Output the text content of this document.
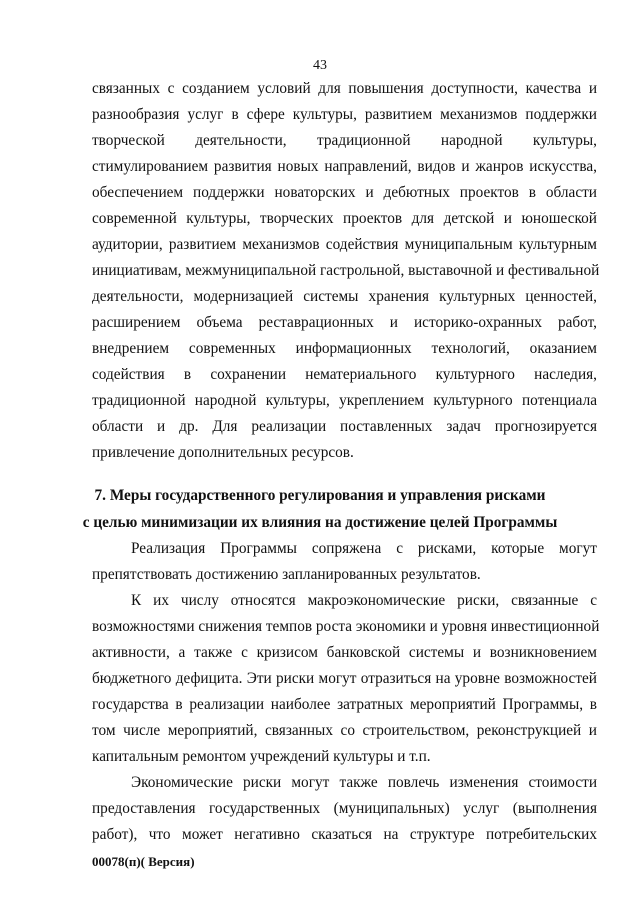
43
связанных с созданием условий для повышения доступности, качества и
разнообразия услуг в сфере культуры, развитием механизмов поддержки
творческой деятельности, традиционной народной культуры,
стимулированием развития новых направлений, видов и жанров искусства,
обеспечением поддержки новаторских и дебютных проектов в области
современной культуры, творческих проектов для детской и юношеской
аудитории, развитием механизмов содействия муниципальным культурным
инициативам, межмуниципальной гастрольной, выставочной и фестивальной
деятельности, модернизацией системы хранения культурных ценностей,
расширением объема реставрационных и историко-охранных работ,
внедрением современных информационных технологий, оказанием
содействия в сохранении нематериального культурного наследия,
традиционной народной культуры, укреплением культурного потенциала
области и др. Для реализации поставленных задач прогнозируется
привлечение дополнительных ресурсов.
7. Меры государственного регулирования и управления рисками
с целью минимизации их влияния на достижение целей Программы
Реализация Программы сопряжена с рисками, которые могут
препятствовать достижению запланированных результатов.
К их числу относятся макроэкономические риски, связанные с
возможностями снижения темпов роста экономики и уровня инвестиционной
активности, а также с кризисом банковской системы и возникновением
бюджетного дефицита. Эти риски могут отразиться на уровне возможностей
государства в реализации наиболее затратных мероприятий Программы, в
том числе мероприятий, связанных со строительством, реконструкцией и
капитальным ремонтом учреждений культуры и т.п.
Экономические риски могут также повлечь изменения стоимости
предоставления государственных (муниципальных) услуг (выполнения
работ), что может негативно сказаться на структуре потребительских
00078(п)( Версия)
